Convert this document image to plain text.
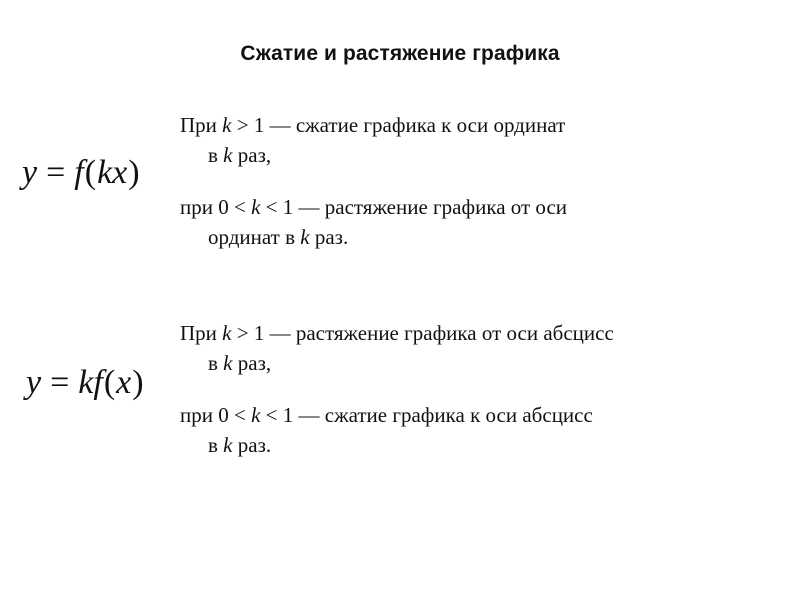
Сжатие и растяжение графика
y = f(kx)

При k > 1 — сжатие графика к оси ординат
в k раз,

при 0 < k < 1 — растяжение графика от оси
ординат в k раз.

y = kf(x)

При k > 1 — растяжение графика от оси абсцисс
в k раз,

при 0 < k < 1 — сжатие графика к оси абсцисс
в k раз.
